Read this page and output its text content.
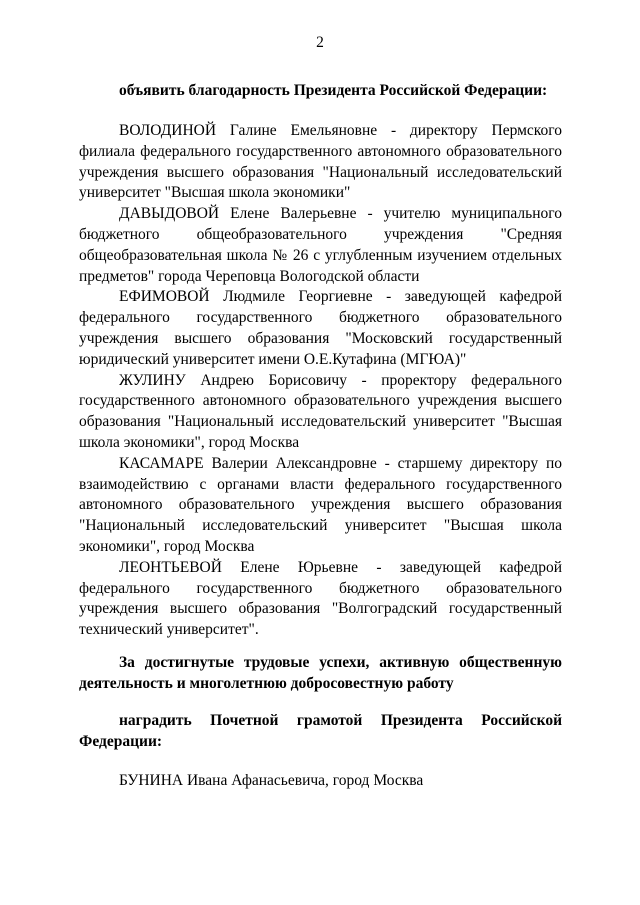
2
объявить благодарность Президента Российской Федерации:

ВОЛОДИНОЙ Галине Емельяновне - директору Пермского филиала федерального государственного автономного образовательного учреждения высшего образования "Национальный исследовательский университет "Высшая школа экономики"

ДАВЫДОВОЙ Елене Валерьевне - учителю муниципального бюджетного общеобразовательного учреждения "Средняя общеобразовательная школа № 26 с углубленным изучением отдельных предметов" города Череповца Вологодской области

ЕФИМОВОЙ Людмиле Георгиевне - заведующей кафедрой федерального государственного бюджетного образовательного учреждения высшего образования "Московский государственный юридический университет имени О.Е.Кутафина (МГЮА)"

ЖУЛИНУ Андрею Борисовичу - проректору федерального государственного автономного образовательного учреждения высшего образования "Национальный исследовательский университет "Высшая школа экономики", город Москва

КАСАМАРЕ Валерии Александровне - старшему директору по взаимодействию с органами власти федерального государственного автономного образовательного учреждения высшего образования "Национальный исследовательский университет "Высшая школа экономики", город Москва

ЛЕОНТЬЕВОЙ Елене Юрьевне - заведующей кафедрой федерального государственного бюджетного образовательного учреждения высшего образования "Волгоградский государственный технический университет".

За достигнутые трудовые успехи, активную общественную деятельность и многолетнюю добросовестную работу
наградить Почетной грамотой Президента Российской Федерации:
БУНИНА Ивана Афанасьевича, город Москва
